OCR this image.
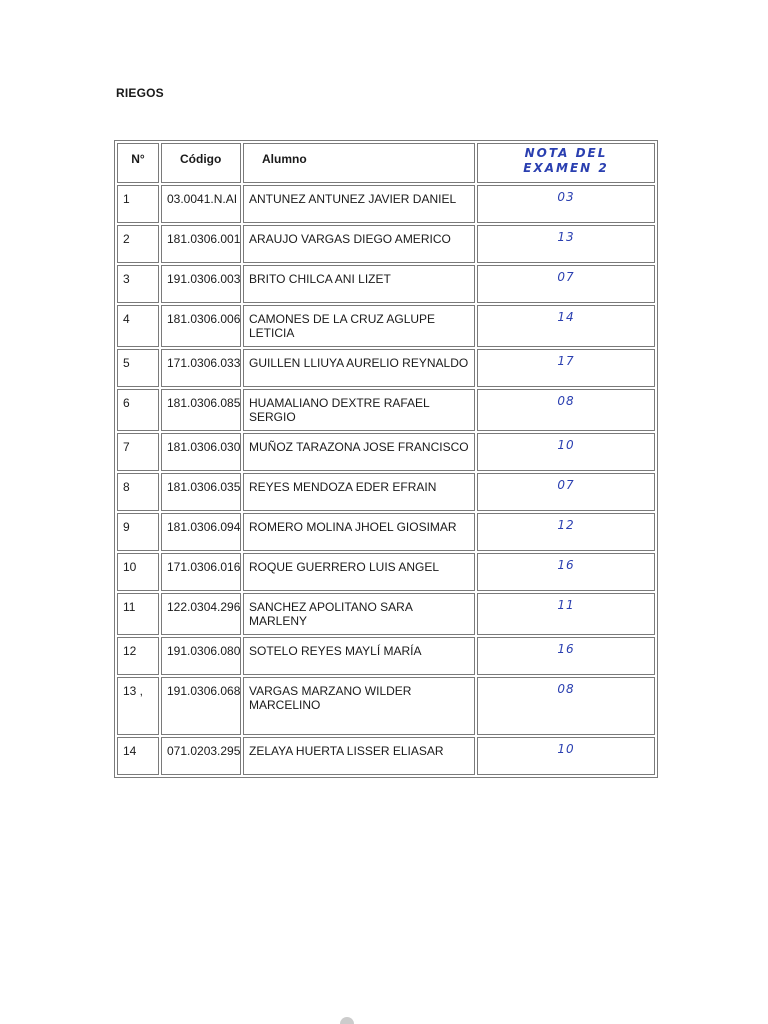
RIEGOS
N°	Código	Alumno	NOTA DEL
EXAMEN 2

1	03.0041.N.AI	ANTUNEZ ANTUNEZ JAVIER DANIEL	03
2	181.0306.001	ARAUJO VARGAS DIEGO AMERICO	13
3	191.0306.003	BRITO CHILCA ANI LIZET	07
4	181.0306.006	CAMONES DE LA CRUZ AGLUPE LETICIA	14
5	171.0306.033	GUILLEN LLIUYA AURELIO REYNALDO	17
6	181.0306.085	HUAMALIANO DEXTRE RAFAEL SERGIO	08
7	181.0306.030	MUÑOZ TARAZONA JOSE FRANCISCO	10
8	181.0306.035	REYES MENDOZA EDER EFRAIN	07
9	181.0306.094	ROMERO MOLINA JHOEL GIOSIMAR	12
10	171.0306.016	ROQUE GUERRERO LUIS ANGEL	16
11	122.0304.296	SANCHEZ APOLITANO SARA MARLENY	11
12	191.0306.080	SOTELO REYES MAYLÍ MARÍA	16
13 ,	191.0306.068	VARGAS MARZANO WILDER MARCELINO	08
14	071.0203.295	ZELAYA HUERTA LISSER ELIASAR	10
